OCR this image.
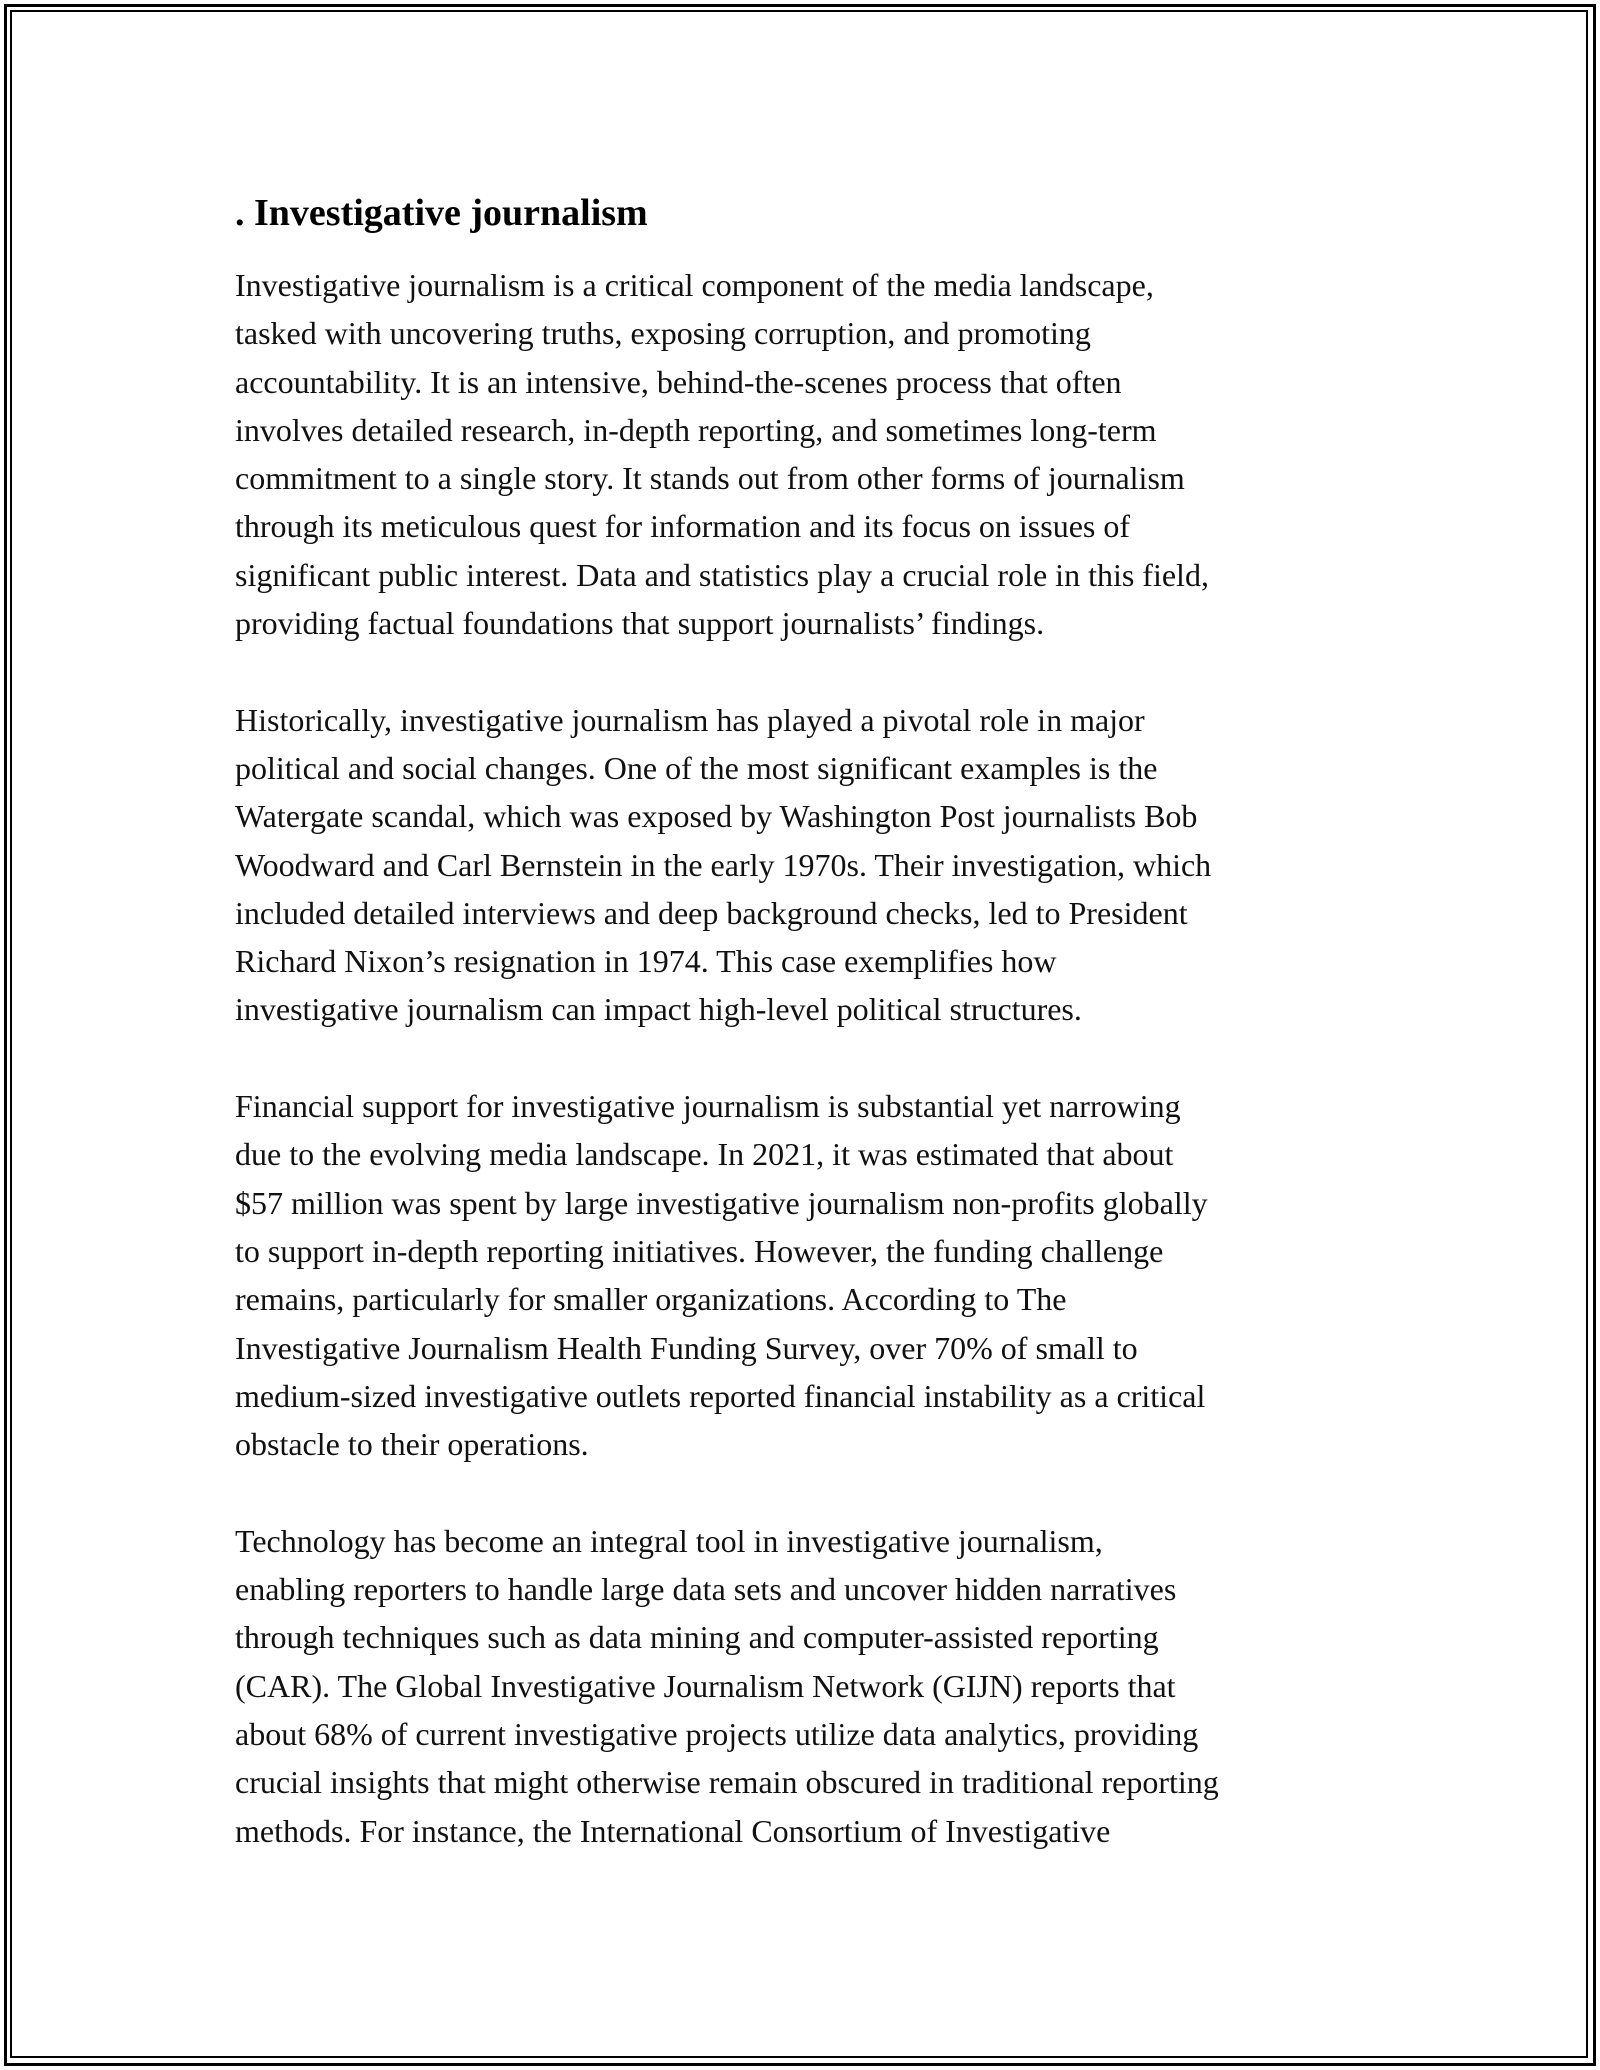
. Investigative journalism
Investigative journalism is a critical component of the media landscape,
tasked with uncovering truths, exposing corruption, and promoting
accountability. It is an intensive, behind-the-scenes process that often
involves detailed research, in-depth reporting, and sometimes long-term
commitment to a single story. It stands out from other forms of journalism
through its meticulous quest for information and its focus on issues of
significant public interest. Data and statistics play a crucial role in this field,
providing factual foundations that support journalists’ findings.
Historically, investigative journalism has played a pivotal role in major
political and social changes. One of the most significant examples is the
Watergate scandal, which was exposed by Washington Post journalists Bob
Woodward and Carl Bernstein in the early 1970s. Their investigation, which
included detailed interviews and deep background checks, led to President
Richard Nixon’s resignation in 1974. This case exemplifies how
investigative journalism can impact high-level political structures.
Financial support for investigative journalism is substantial yet narrowing
due to the evolving media landscape. In 2021, it was estimated that about
$57 million was spent by large investigative journalism non-profits globally
to support in-depth reporting initiatives. However, the funding challenge
remains, particularly for smaller organizations. According to The
Investigative Journalism Health Funding Survey, over 70% of small to
medium-sized investigative outlets reported financial instability as a critical
obstacle to their operations.
Technology has become an integral tool in investigative journalism,
enabling reporters to handle large data sets and uncover hidden narratives
through techniques such as data mining and computer-assisted reporting
(CAR). The Global Investigative Journalism Network (GIJN) reports that
about 68% of current investigative projects utilize data analytics, providing
crucial insights that might otherwise remain obscured in traditional reporting
methods. For instance, the International Consortium of Investigative
